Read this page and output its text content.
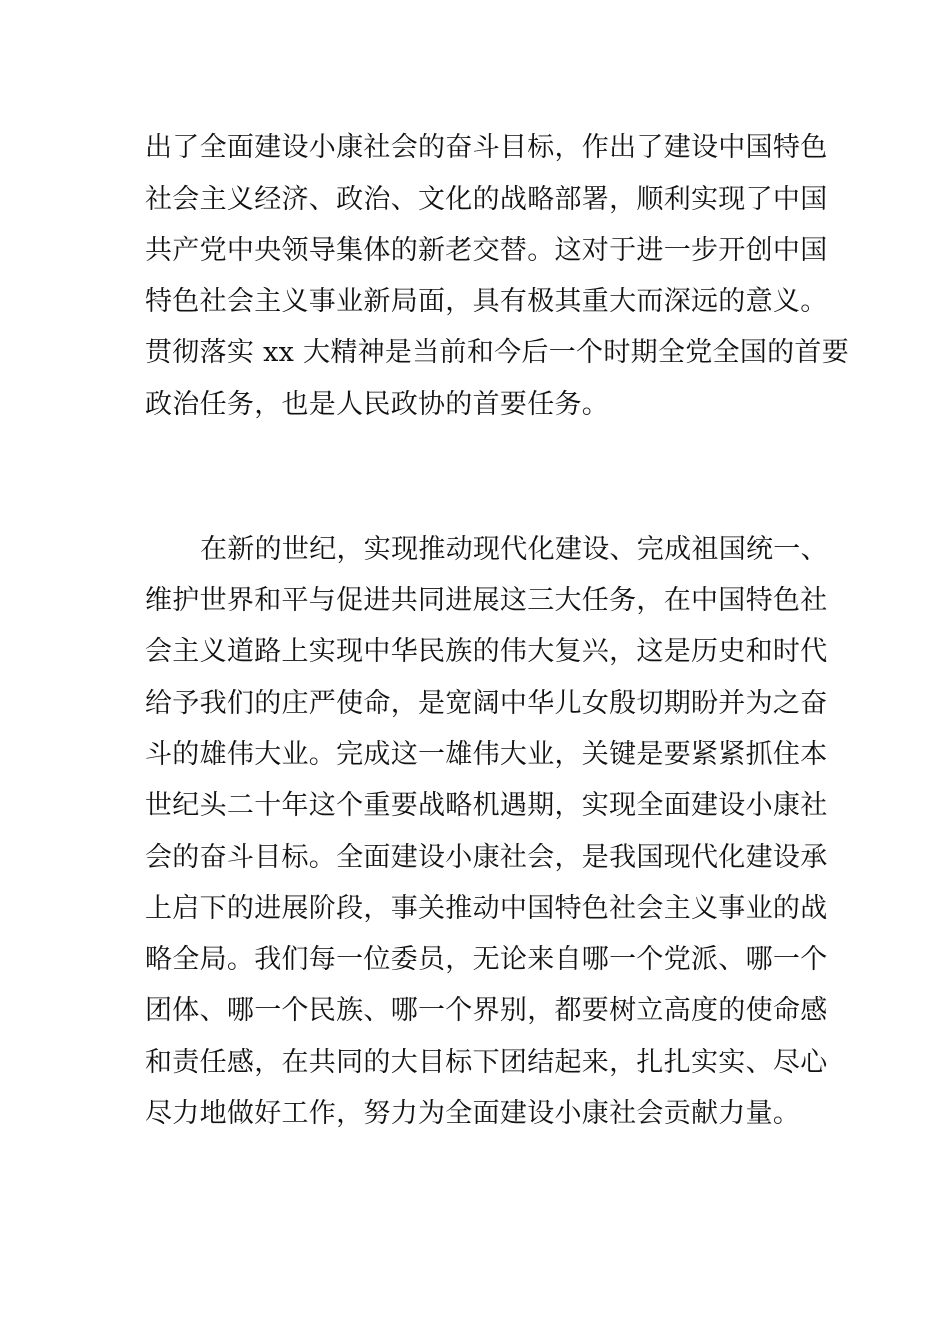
出了全面建设小康社会的奋斗目标，作出了建设中国特色
社会主义经济、政治、文化的战略部署，顺利实现了中国
共产党中央领导集体的新老交替。这对于进一步开创中国
特色社会主义事业新局面，具有极其重大而深远的意义。
贯彻落实 xx 大精神是当前和今后一个时期全党全国的首要
政治任务，也是人民政协的首要任务。
在新的世纪，实现推动现代化建设、完成祖国统一、
维护世界和平与促进共同进展这三大任务，在中国特色社
会主义道路上实现中华民族的伟大复兴，这是历史和时代
给予我们的庄严使命，是宽阔中华儿女殷切期盼并为之奋
斗的雄伟大业。完成这一雄伟大业，关键是要紧紧抓住本
世纪头二十年这个重要战略机遇期，实现全面建设小康社
会的奋斗目标。全面建设小康社会，是我国现代化建设承
上启下的进展阶段，事关推动中国特色社会主义事业的战
略全局。我们每一位委员，无论来自哪一个党派、哪一个
团体、哪一个民族、哪一个界别，都要树立高度的使命感
和责任感，在共同的大目标下团结起来，扎扎实实、尽心
尽力地做好工作，努力为全面建设小康社会贡献力量。
